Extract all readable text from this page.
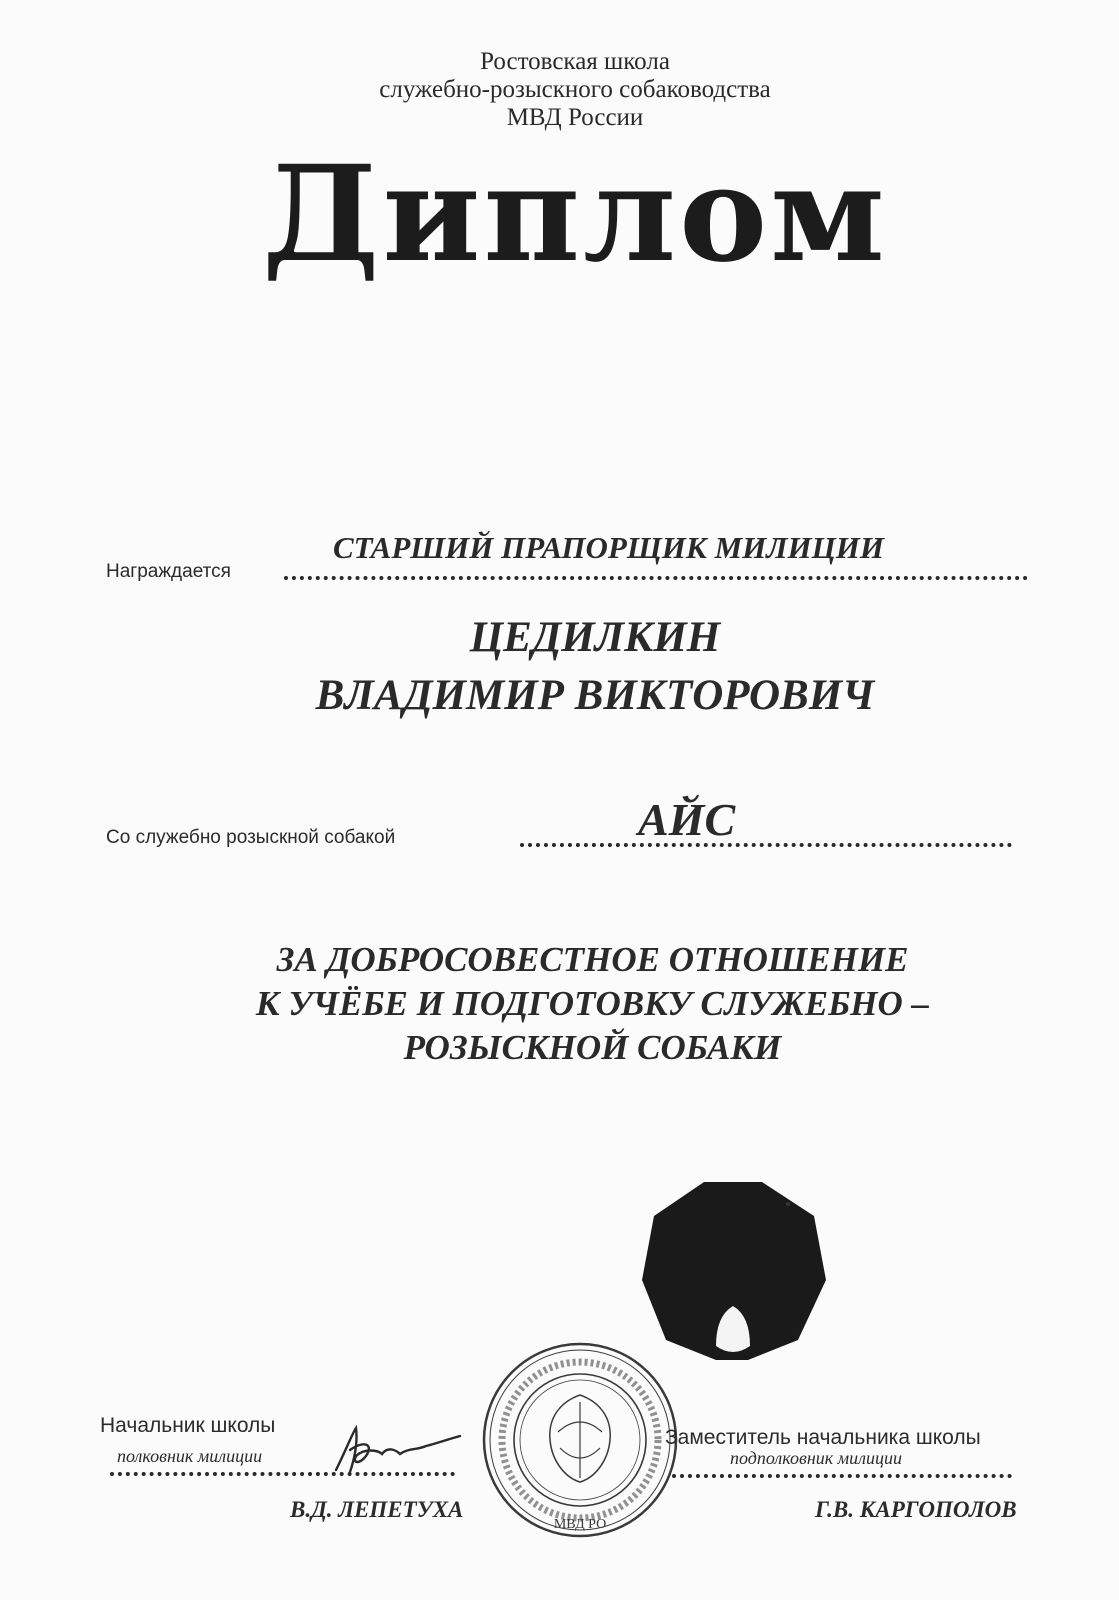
Ростовская школа
служебно-розыскного собаководства
МВД России
Диплом
Награждается
СТАРШИЙ ПРАПОРЩИК МИЛИЦИИ
ЦЕДИЛКИН
ВЛАДИМИР ВИКТОРОВИЧ
Со служебно розыскной собакой	АЙС
ЗА ДОБРОСОВЕСТНОЕ ОТНОШЕНИЕ
К УЧЁБЕ И ПОДГОТОВКУ СЛУЖЕБНО –
РОЗЫСКНОЙ СОБАКИ
МВД РО
Начальник школы
полковник милиции
В.Д. ЛЕПЕТУХА
Заместитель начальника школы
подполковник милиции
Г.В. КАРГОПОЛОВ
